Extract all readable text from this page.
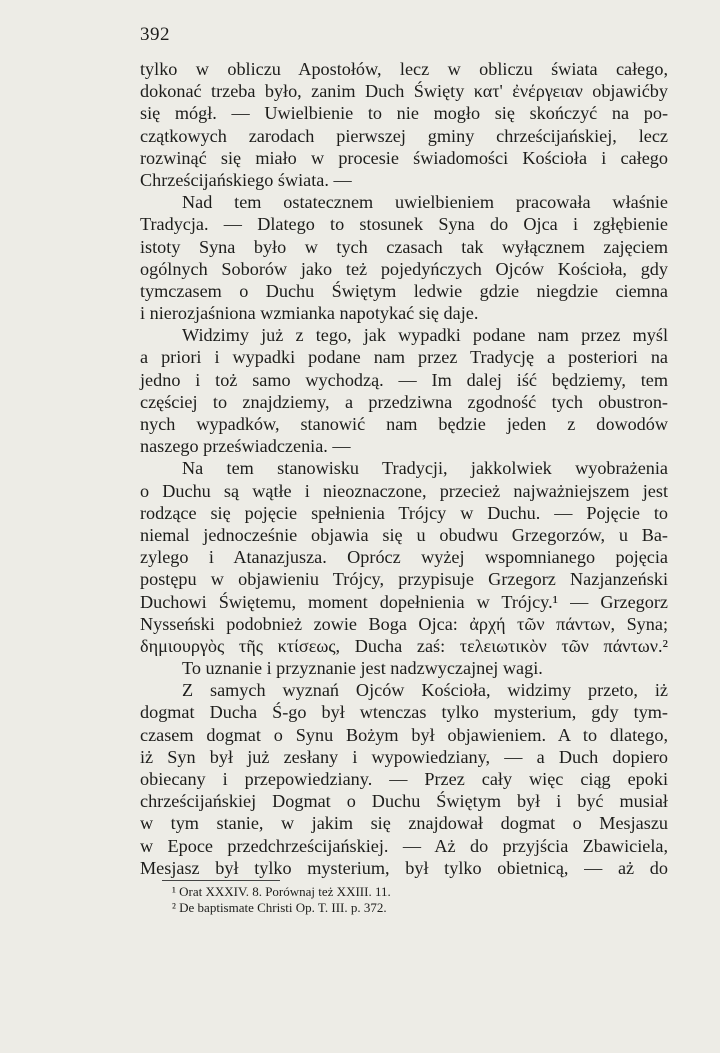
392
tylko w obliczu Apostołów, lecz w obliczu świata całego,
dokonać trzeba było, zanim Duch Święty κατ' ἐνέργειαν objawićby
się mógł. — Uwielbienie to nie mogło się skończyć na po-
czątkowych zarodach pierwszej gminy chrześcijańskiej, lecz
rozwinąć się miało w procesie świadomości Kościoła i całego
Chrześcijańskiego świata. —
Nad tem ostatecznem uwielbieniem pracowała właśnie
Tradycja. — Dlatego to stosunek Syna do Ojca i zgłębienie
istoty Syna było w tych czasach tak wyłącznem zajęciem
ogólnych Soborów jako też pojedyńczych Ojców Kościoła, gdy
tymczasem o Duchu Świętym ledwie gdzie niegdzie ciemna
i nierozjaśniona wzmianka napotykać się daje.
Widzimy już z tego, jak wypadki podane nam przez myśl
a priori i wypadki podane nam przez Tradycję a posteriori na
jedno i toż samo wychodzą. — Im dalej iść będziemy, tem
częściej to znajdziemy, a przedziwna zgodność tych obustron-
nych wypadków, stanowić nam będzie jeden z dowodów
naszego przeświadczenia. —
Na tem stanowisku Tradycji, jakkolwiek wyobrażenia
o Duchu są wątłe i nieoznaczone, przecież najważniejszem jest
rodzące się pojęcie spełnienia Trójcy w Duchu. — Pojęcie to
niemal jednocześnie objawia się u obudwu Grzegorzów, u Ba-
zylego i Atanazjusza. Oprócz wyżej wspomnianego pojęcia
postępu w objawieniu Trójcy, przypisuje Grzegorz Nazjanzeński
Duchowi Świętemu, moment dopełnienia w Trójcy.¹ — Grzegorz
Nysseński podobnież zowie Boga Ojca: ἀρχή τῶν πάντων, Syna;
δημιουργὸς τῆς κτίσεως, Ducha zaś: τελειωτικὸν τῶν πάντων.²
To uznanie i przyznanie jest nadzwyczajnej wagi.
Z samych wyznań Ojców Kościoła, widzimy przeto, iż
dogmat Ducha Ś-go był wtenczas tylko mysterium, gdy tym-
czasem dogmat o Synu Bożym był objawieniem. A to dlatego,
iż Syn był już zesłany i wypowiedziany, — a Duch dopiero
obiecany i przepowiedziany. — Przez cały więc ciąg epoki
chrześcijańskiej Dogmat o Duchu Świętym był i być musiał
w tym stanie, w jakim się znajdował dogmat o Mesjaszu
w Epoce przedchrześcijańskiej. — Aż do przyjścia Zbawiciela,
Mesjasz był tylko mysterium, był tylko obietnicą, — aż do
¹ Orat XXXIV. 8. Porównaj też XXIII. 11.
² De baptismate Christi Op. T. III. p. 372.
